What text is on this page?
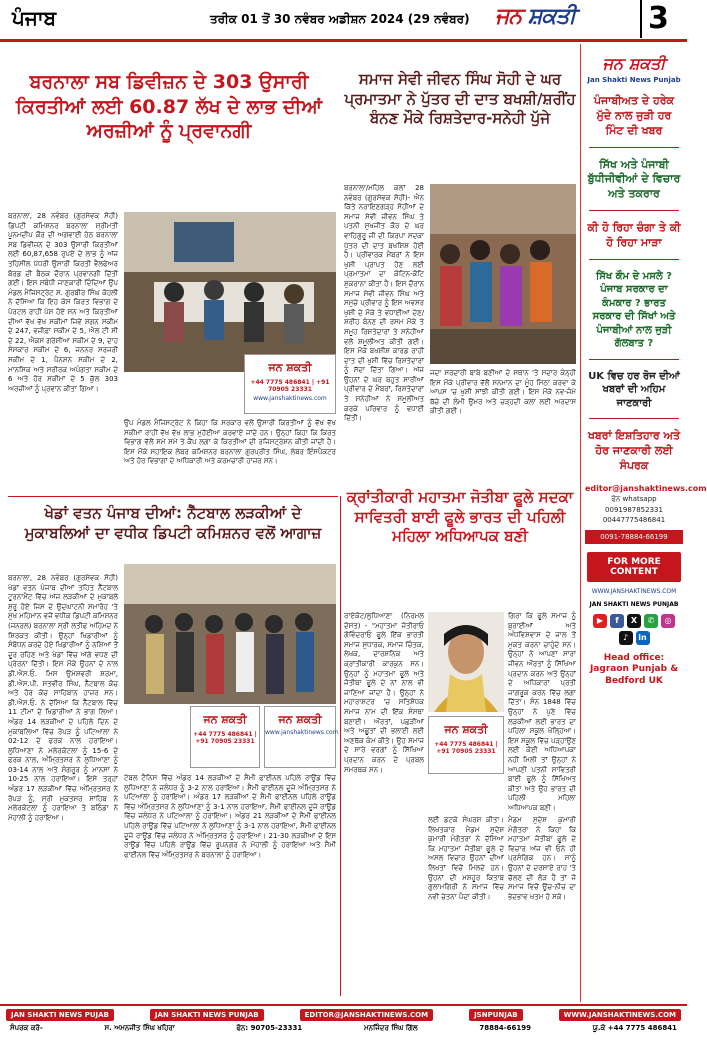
ਪੰਜਾਬ	ਤਰੀਕ 01 ਤੋਂ 30 ਨਵੰਬਰ ਅਡੀਸ਼ਨ 2024 (29 ਨਵੰਬਰ) ਜਨ ਸ਼ਕਤੀ 3
ਬਰਨਾਲਾ ਸਬ ਡਿਵੀਜ਼ਨ ਦੇ 303 ਉਸਾਰੀ ਕਿਰਤੀਆਂ ਲਈ 60.87 ਲੱਖ ਦੇ ਲਾਭ ਦੀਆਂ ਅਰਜ਼ੀਆਂ ਨੂੰ ਪ੍ਰਵਾਨਗੀ
ਬਰਨਾਲਾ, 28 ਨਵੰਬਰ (ਗੁਰਸੇਵਕ ਸੋਹੀ) ਡਿਪਟੀ ਕਮਿਸ਼ਨਰ ਬਰਨਾਲਾ ਸ਼੍ਰੀਮਤੀ ਪੂਨਮਦੀਪ ਕੌਰ ਦੀ ਅਗਵਾਈ ਹੇਠ ਬਰਨਾਲਾ ਸਬ ਡਿਵੀਜ਼ਨ ਦੇ 303 ਉਸਾਰੀ ਕਿਰਤੀਆਂ ਲਈ 60,87,658 ਰੁਪਏ ਦੇ ਲਾਭ ਨੂੰ ਅੱਜ ਤਹਿਸੀਲ ਪੱਧਰੀ ਉਸਾਰੀ ਕਿਰਤੀ ਵੈਲਫੇਅਰ ਬੋਰਡ ਦੀ ਬੈਠਕ ਦੌਰਾਨ ਪ੍ਰਵਾਨਗੀ ਦਿੱਤੀ ਗਈ। ਇਸ ਸਬੰਧੀ ਜਾਣਕਾਰੀ ਦਿੰਦਿਆਂ ਉਪ ਮੰਡਲ ਮੈਜਿਸਟ੍ਰੇਟ ਸ. ਗੁਰਬੀਰ ਸਿੰਘ ਕੋਹਲੀ ਨੇ ਦੱਸਿਆ ਕਿ ਇਹ ਕੇਸ ਕਿਰਤ ਵਿਭਾਗ ਦੇ ਪੋਰਟਲ ਰਾਹੀਂ ਪੇਸ਼ ਹੋਏ ਸਨ ਅਤੇ ਕਿਰਤੀਆਂ ਦੀਆਂ ਵੱਖ ਵੱਖ ਸਕੀਮਾਂ ਜਿਵੇਂ ਸ਼ਗਨ ਸਕੀਮ ਦੇ 247, ਵਜ਼ੀਫ਼ਾ ਸਕੀਮ ਦੇ 5, ਐਲ ਟੀ ਸੀ ਦੇ 22, ਐਕਸ ਗਰੇਸ਼ੀਆ ਸਕੀਮ ਦੇ 9, ਦਾਹ ਸੰਸਕਾਰ ਸਕੀਮ ਦੇ 6, ਜਨਨਰ ਸਰਜਰੀ ਸਕੀਮ ਦੇ 1, ਪੈਨਸ਼ਨ ਸਕੀਮ ਦੇ 2, ਮਾਨਸਿਕ ਅਤੇ ਸਰੀਰਕ ਅਪੰਗਤਾ ਸਕੀਮ ਦੇ 6 ਅਤੇ ਹੋਰ ਸਕੀਮਾਂ ਦੇ 5 ਕੁੱਲ 303 ਅਰਜ਼ੀਆਂ ਨੂੰ ਪ੍ਰਵਾਨ ਕੀਤਾ ਗਿਆ।
ਜਨ ਸ਼ਕਤੀ
+44 7775 486841 | +91 70905 23331
www.janshaktinews.com
ਉਪ ਮੰਡਲ ਮੈਜਿਸਟ੍ਰੇਟ ਨੇ ਕਿਹਾ ਕਿ ਸਰਕਾਰ ਵਲੋਂ ਉਸਾਰੀ ਕਿਰਤੀਆਂ ਨੂੰ ਵੱਖ ਵੱਖ ਸਕੀਮਾਂ ਰਾਹੀਂ ਵੱਖ ਵੱਖ ਲਾਭ ਮੁਹੱਈਆ ਕਰਵਾਏ ਜਾਂਦੇ ਹਨ। ਉਨ੍ਹਾਂ ਕਿਹਾ ਕਿ ਕਿਰਤ ਵਿਭਾਗ ਵੱਲੋਂ ਸਮੇਂ ਸਮੇਂ ਤੇ ਕੈਂਪ ਲਗਾ ਕੇ ਕਿਰਤੀਆਂ ਦੀ ਰਜਿਸਟ੍ਰੇਸ਼ਨ ਕੀਤੀ ਜਾਂਦੀ ਹੈ। ਇਸ ਮੌਕੇ ਸਹਾਇਕ ਲੇਬਰ ਕਮਿਸ਼ਨਰ ਬਰਨਾਲਾ ਗੁਰਪ੍ਰੀਤ ਸਿੰਘ, ਲੇਬਰ ਇੰਸਪੈਕਟਰ ਅਤੇ ਹੋਰ ਵਿਭਾਗਾਂ ਦੇ ਅਧਿਕਾਰੀ ਅਤੇ ਕਰਮਚਾਰੀ ਹਾਜ਼ਰ ਸਨ।
ਸਮਾਜ ਸੇਵੀ ਜੀਵਨ ਸਿੰਘ ਸੋਹੀ ਦੇ ਘਰ ਪ੍ਰਮਾਤਮਾ ਨੇ ਪੁੱਤਰ ਦੀ ਦਾਤ ਬਖਸ਼ੀ/ਸ਼ਰੀਂਹ ਬੰਨਣ ਮੌਕੇ ਰਿਸ਼ਤੇਦਾਰ-ਸਨੇਹੀ ਪੁੱਜੇ
ਬਰਨਾਲਾ/ਮਹਿਲ ਕਲਾਂ 28 ਨਵੰਬਰ (ਗੁਰਸੇਵਕ ਸੋਹੀ)- ਐਨ ਕਿੱਤੇ ਨਰਾਇਣਗੜ੍ਹ ਸੋਹੀਆਂ ਦੇ ਸਮਾਜ ਸੇਵੀ ਜੀਵਨ ਸਿੰਘ ਤੇ ਪਤਨੀ ਸੁਖਜੀਤ ਕੌਰ ਦੇ ਘਰ ਵਾਹਿਗੁਰੂ ਜੀ ਦੀ ਕਿਰਪਾ ਸਦਕਾ ਪੁੱਤਰ ਦੀ ਦਾਤ ਬਖਸ਼ਿਸ਼ ਹੋਈ ਹੈ। ਪ੍ਰੀਵਾਰਕ ਮੈਂਬਰਾਂ ਨੇ ਇਸ ਖੁਸ਼ੀ ਪ੍ਰਾਪਤ ਹੋਣ ਲਈ ਪ੍ਰਮਾਤਮਾ ਦਾ ਕੋਟਿਨ-ਕੋਟਿ ਸ਼ੁਕਰਾਨਾ ਕੀਤਾ ਹੈ। ਇਸ ਦੌਰਾਨ ਸਮਾਜ ਸੇਵੀ ਜੀਵਨ ਸਿੰਘ ਅਤੇ ਸਮੁੱਚੇ ਪ੍ਰੀਵਾਰ ਨੂੰ ਇਸ ਅਵਸਰ ਖੁਸ਼ੀ ਦੇ ਮੌਕੇ ਤੇ ਵਧਾਈਆਂ ਦੇਣ/ਸ਼ਰੀਂਹ ਬੰਨਣ ਦੀ ਰਸਮ ਮੌਕੇ ਤੇ ਸਮੂਹ ਰਿਸ਼ਤੇਦਾਰਾਂ ਤੇ ਸਨੇਹੀਆਂ ਵਲੋਂ ਸ਼ਮੂਲੀਅਤ ਕੀਤੀ ਗਈ। ਇਸ ਮੌਕੇ ਬਖਸ਼ੀਸ਼ ਕਾਰਡ ਰਾਹੀਂ ਦਾਤ ਦੀ ਖੁਸ਼ੀ ਵਿੱਚ ਰਿਸ਼ਤੇਦਾਰਾਂ ਨੂੰ ਸੱਦਾ ਦਿੱਤਾ ਗਿਆ। ਅੱਜ ਉਹਨਾਂ ਦੇ ਘਰ ਬਹੁਤ ਸਾਰੀਆਂ ਪ੍ਰੀਵਾਰ ਦੇ ਮੈਂਬਰਾਂ, ਰਿਸ਼ਤੇਦਾਰਾਂ ਤੇ ਸਨੇਹੀਆਂ ਨੇ ਸਮੂਲੀਅਤ ਕਰਕੇ ਪਰਿਵਾਰ ਨੂੰ ਵਧਾਈ ਦਿੱਤੀ।
ਜਦਾ ਸਰਦਾਰੀ ਬਾਬੇ ਬਣੀਆਂ ਦੇ ਸਥਾਨ 'ਤੇ ਸਦਾਰ ਕੰਨ੍ਹੀ ਇਸ ਮੌਕੇ ਪ੍ਰੀਵਾਰ ਵੱਲੋਂ ਸਨਮਾਨ ਦਾ ਮੂੰਹ ਮਿੱਠਾ ਕਰਵਾ ਕੇ ਆਪਸ 'ਚ ਖੁਸ਼ੀ ਸਾਂਝੀ ਕੀਤੀ ਗਈ। ਇਸ ਮੌਕੇ ਨਵ-ਜੰਮੇ ਬੱਚੇ ਦੀ ਲੰਮੀ ਉਮਰ ਅਤੇ ਚੜ੍ਹਦੀ ਕਲਾ ਲਈ ਅਰਦਾਸ ਕੀਤੀ ਗਈ।
ਖੇਡਾਂ ਵਤਨ ਪੰਜਾਬ ਦੀਆਂ: ਨੈੱਟਬਾਲ ਲੜਕੀਆਂ ਦੇ ਮੁਕਾਬਲਿਆਂ ਦਾ ਵਧੀਕ ਡਿਪਟੀ ਕਮਿਸ਼ਨਰ ਵਲੋਂ ਆਗਾਜ਼
ਬਰਨਾਲਾ, 28 ਨਵੰਬਰ (ਗੁਰਸੇਵਕ ਸੋਹੀ) ਖੇਡਾਂ ਵਤਨ ਪੰਜਾਬ ਦੀਆਂ ਤਹਿਤ ਨੈੱਟਬਾਲ ਟੂਰਨਾਮੈਂਟ ਵਿੱਚ ਅੱਜ ਲੜਕੀਆਂ ਦੇ ਮੁਕਾਬਲੇ ਸ਼ੁਰੂ ਹੋਏ ਜਿਸ ਦੇ ਉਦਘਾਟਨੀ ਸਮਾਰੋਹ 'ਤੇ ਮੁੱਖ ਮਹਿਮਾਨ ਵਜੋਂ ਵਧੀਕ ਡਿਪਟੀ ਕਮਿਸ਼ਨਰ (ਜਨਰਲ) ਬਰਨਾਲਾ ਸ੍ਰੀ ਲਤੀਫ ਅਹਿਮਦ ਨੇ ਸ਼ਿਰਕਤ ਕੀਤੀ। ਉਨ੍ਹਾਂ ਖਿਡਾਰੀਆਂ ਨੂੰ ਸੰਬੋਧਨ ਕਰਦੇ ਹੋਏ ਖਿਡਾਰੀਆਂ ਨੂੰ ਨਸ਼ਿਆਂ ਤੋਂ ਦੂਰ ਰਹਿਣ ਅਤੇ ਖੇਡਾਂ ਵਿੱਚ ਅੱਗੇ ਵਧਣ ਦੀ ਪ੍ਰੇਰਨਾ ਦਿੱਤੀ। ਇਸ ਮੌਕੇ ਉਹਨਾਂ ਦੇ ਨਾਲ ਡੀ.ਐਸ.ਓ. ਮਿਸ ਉਮੇਸ਼ਵਰੀ ਸ਼ਰਮਾ, ਡੀ.ਐਸ.ਪੀ. ਸਤਵੀਰ ਸਿੰਘ, ਨੈੱਟਬਾਲ ਕੋਚ ਅਤੇ ਹੋਰ ਕੋਚ ਸਾਹਿਬਾਨ ਹਾਜ਼ਰ ਸਨ। ਡੀ.ਐਸ.ਓ. ਨੇ ਦੱਸਿਆ ਕਿ ਨੈੱਟਬਾਲ ਵਿੱਚ 11 ਟੀਮਾਂ ਦੇ ਖਿਡਾਰੀਆਂ ਨੇ ਭਾਗ ਲਿਆ। ਅੰਡਰ 14 ਲੜਕੀਆਂ ਦੇ ਪਹਿਲੇ ਦਿਨ ਦੇ ਮੁਕਾਬਲਿਆਂ ਵਿੱਚ ਰੋਪੜ ਨੂੰ ਪਟਿਆਲਾ ਨੇ 02-12 ਦੇ ਫਰਕ ਨਾਲ ਹਰਾਇਆ। ਲੁਧਿਆਣਾ ਨੇ ਮਲੇਰਕੋਟਲਾ ਨੂੰ 15-6 ਦੇ ਫਰਕ ਨਾਲ, ਅੰਮ੍ਰਿਤਸਰ ਨੇ ਲੁਧਿਆਣਾ ਨੂੰ 03-14 ਨਾਲ ਅਤੇ ਸੰਗਰੂਰ ਨੂੰ ਮਾਨਸਾ ਨੇ 10-25 ਨਾਲ ਹਰਾਇਆ। ਇਸੇ ਤਰ੍ਹਾਂ ਅੰਡਰ 17 ਲੜਕੀਆਂ ਵਿੱਚ ਅੰਮ੍ਰਿਤਸਰ ਨੇ ਰੋਪੜ ਨੂੰ, ਸ੍ਰੀ ਮੁਕਤਸਰ ਸਾਹਿਬ ਨੇ ਮਲੇਰਕੋਟਲਾ ਨੂੰ ਹਰਾਇਆ ਤੇ ਬਠਿੰਡਾ ਨੇ ਮੋਹਾਲੀ ਨੂੰ ਹਰਾਇਆ।
ਜਨ ਸ਼ਕਤੀ
+44 7775 486841 | +91 70905 23331
ਜਨ ਸ਼ਕਤੀ
www.janshaktinews.com
ਟੇਬਲ ਟੈਨਿਸ ਵਿੱਚ ਅੰਡਰ 14 ਲੜਕੀਆਂ ਦੇ ਸੈਮੀ ਫਾਈਨਲ ਪਹਿਲੇ ਰਾਊਂਡ ਵਿੱਚ ਲੁਧਿਆਣਾ ਨੇ ਜਲੰਧਰ ਨੂੰ 3-2 ਨਾਲ ਹਰਾਇਆ। ਸੈਮੀ ਫਾਈਨਲ ਦੂਜੇ ਅੰਮ੍ਰਿਤਸਰ ਨੇ ਪਟਿਆਲਾ ਨੂੰ ਹਰਾਇਆ। ਅੰਡਰ 17 ਲੜਕੀਆਂ ਦੇ ਸੈਮੀ ਫਾਈਨਲ ਪਹਿਲੇ ਰਾਊਂਡ ਵਿੱਚ ਅੰਮ੍ਰਿਤਸਰ ਨੇ ਲੁਧਿਆਣਾ ਨੂੰ 3-1 ਨਾਲ ਹਰਾਇਆ, ਸੈਮੀ ਫਾਈਨਲ ਦੂਜੇ ਰਾਊਂਡ ਵਿੱਚ ਜਲੰਧਰ ਨੇ ਪਟਿਆਲਾ ਨੂੰ ਹਰਾਇਆ। ਅੰਡਰ 21 ਲੜਕੀਆਂ ਦੇ ਸੈਮੀ ਫਾਈਨਲ ਪਹਿਲੇ ਰਾਊਂਡ ਵਿੱਚ ਪਟਿਆਲਾ ਨੇ ਲੁਧਿਆਣਾ ਨੂੰ 3-1 ਨਾਲ ਹਰਾਇਆ, ਸੈਮੀ ਫਾਈਨਲ ਦੂਜੇ ਰਾਊਂਡ ਵਿੱਚ ਜਲੰਧਰ ਨੇ ਅੰਮ੍ਰਿਤਸਰ ਨੂੰ ਹਰਾਇਆ। 21-30 ਲੜਕੀਆਂ ਦੇ ਇਸ ਰਾਊਂਡ ਵਿੱਚ ਪਹਿਲੇ ਰਾਊਂਡ ਵਿੱਚ ਰੂਪਨਗਰ ਨੇ ਮੋਹਾਲੀ ਨੂੰ ਹਰਾਇਆ ਅਤੇ ਸੈਮੀ ਫਾਈਨਲ ਵਿੱਚ ਅੰਮ੍ਰਿਤਸਰ ਨੇ ਬਰਨਾਲਾ ਨੂੰ ਹਰਾਇਆ।
ਕ੍ਰਾਂਤੀਕਾਰੀ ਮਹਾਤਮਾ ਜੋਤੀਬਾ ਫੂਲੇ ਸਦਕਾ ਸਾਵਿਤਰੀ ਬਾਈ ਫੂਲੇ ਭਾਰਤ ਦੀ ਪਹਿਲੀ ਮਹਿਲਾ ਅਧਿਆਪਕ ਬਣੀ
ਰਾਏਕੋਟ/ਲੁਧਿਆਣਾ (ਨਿਰਮਲ ਦੋਸਤ) - "ਮਹਾਤਮਾ ਜੋਤੀਰਾਓ ਗੋਵਿੰਦਰਾਓ ਫੂਲੇ ਇੱਕ ਭਾਰਤੀ ਸਮਾਜ ਸੁਧਾਰਕ, ਸਮਾਜ ਚਿੰਤਕ, ਲੇਖਕ, ਦਾਰਸ਼ਨਿਕ ਅਤੇ ਕ੍ਰਾਂਤੀਕਾਰੀ ਕਾਰਕੁਨ ਸਨ। ਉਨ੍ਹਾਂ ਨੂੰ ਮਹਾਤਮਾ ਫੂਲੇ ਅਤੇ ਜੋਤੀਬਾ ਫੂਲੇ ਦੇ ਨਾਂ ਨਾਲ ਵੀ ਜਾਣਿਆ ਜਾਂਦਾ ਹੈ। ਉਨ੍ਹਾਂ ਨੇ ਮਹਾਰਾਸ਼ਟਰ 'ਚ ਸਤਿਸ਼ੋਧਕ ਸਮਾਜ ਨਾਮ ਦੀ ਇੱਕ ਸੰਸਥਾ ਬਣਾਈ। ਔਰਤਾਂ, ਪਛੜੀਆਂ ਅਤੇ ਅਛੂਤਾਂ ਦੀ ਭਲਾਈ ਲਈ ਅਣਥੱਕ ਕੰਮ ਕੀਤੇ। ਉਹ ਸਮਾਜ ਦੇ ਸਾਰੇ ਵਰਗਾਂ ਨੂੰ ਸਿੱਖਿਆ ਪ੍ਰਦਾਨ ਕਰਨ ਦੇ ਪ੍ਰਬਲ ਸਮਰਥਕ ਸਨ।
ਜਨ ਸ਼ਕਤੀ
+44 7775 486841 | +91 70905 23331
ਗਿਰਾ ਕਿ ਫੂਲੇ ਸਮਾਜ ਨੂੰ ਬੁਰਾਈਆਂ ਅਤੇ ਅੰਧਵਿਸ਼ਵਾਸ ਦੇ ਜਾਲ ਤੋਂ ਮੁਕਤ ਕਰਨਾ ਚਾਹੁੰਦੇ ਸਨ। ਉਨ੍ਹਾਂ ਨੇ ਆਪਣਾ ਸਾਰਾ ਜੀਵਨ ਔਰਤਾਂ ਨੂੰ ਸਿੱਖਿਆ ਪ੍ਰਦਾਨ ਕਰਨ ਅਤੇ ਉਨ੍ਹਾਂ ਦੇ ਅਧਿਕਾਰਾਂ ਪ੍ਰਤੀ ਜਾਗਰੂਕ ਕਰਨ ਵਿੱਚ ਲਗਾ ਦਿੱਤਾ। ਸੰਨ 1848 ਵਿੱਚ ਉਨ੍ਹਾਂ ਨੇ ਪੁਣੇ ਵਿੱਚ ਲੜਕੀਆਂ ਲਈ ਭਾਰਤ ਦਾ ਪਹਿਲਾ ਸਕੂਲ ਖੋਲ੍ਹਿਆ। ਇਸ ਸਕੂਲ ਵਿੱਚ ਪੜ੍ਹਾਉਣ ਲਈ ਕੋਈ ਅਧਿਆਪਕਾ ਨਹੀਂ ਮਿਲੀ ਤਾਂ ਉਨ੍ਹਾਂ ਨੇ ਆਪਣੀ ਪਤਨੀ ਸਾਵਿਤਰੀ ਬਾਈ ਫੂਲੇ ਨੂੰ ਸਿੱਖਿਅਤ ਕੀਤਾ ਅਤੇ ਉਹ ਭਾਰਤ ਦੀ ਪਹਿਲੀ ਮਹਿਲਾ ਅਧਿਆਪਕ ਬਣੀ।
ਲਈ ਡਟਕੇ ਸੰਘਰਸ਼ ਕੀਤਾ। ਲਿਖਤਕਾਰ ਮੈਡਮ ਸੁਦੇਸ਼ ਕੁਮਾਰੀ ਮੰਗੋਤਰਾ ਨੇ ਦੱਸਿਆ ਕਿ ਮਹਾਤਮਾ ਜੋਤੀਬਾ ਫੂਲੇ ਦੇ ਅਸਲ ਵਿਚਾਰ ਉਹਨਾਂ ਦੀਆਂ ਲਿਖਤਾਂ ਵਿਚੋਂ ਮਿਲਦੇ ਹਨ। ਉਹਨਾਂ ਦੀ ਮਸ਼ਹੂਰ ਕਿਤਾਬ ਗੁਲਾਮਗਿਰੀ ਨੇ ਸਮਾਜ ਵਿੱਚ ਨਵੀਂ ਚੇਤਨਾ ਪੈਦਾ ਕੀਤੀ।
ਮੈਡਮ ਸੁਦੇਸ਼ ਕੁਮਾਰੀ ਮੰਗੋਤਰਾ ਨੇ ਕਿਹਾ ਕਿ ਮਹਾਤਮਾ ਜੋਤੀਬਾ ਫੂਲੇ ਦੇ ਵਿਚਾਰ ਅੱਜ ਵੀ ਓਨੇ ਹੀ ਪ੍ਰਸੰਗਿਕ ਹਨ। ਸਾਨੂੰ ਉਹਨਾਂ ਦੇ ਦਰਸਾਏ ਰਾਹ 'ਤੇ ਚੱਲਣ ਦੀ ਲੋੜ ਹੈ ਤਾਂ ਜੋ ਸਮਾਜ ਵਿਚੋਂ ਊਚ-ਨੀਚ ਦਾ ਭੇਦਭਾਵ ਖਤਮ ਹੋ ਸਕੇ।
ਜਨ ਸ਼ਕਤੀ
Jan Shakti News Punjab
ਪੰਜਾਬੀਅਤ ਦੇ ਹਰੇਕ ਮੁੱਦੇ ਨਾਲ ਜੁੜੀ ਹਰ ਮਿੰਟ ਦੀ ਖਬਰ
ਸਿੱਖ ਅਤੇ ਪੰਜਾਬੀ ਬੁੱਧੀਜੀਵੀਆਂ ਦੇ ਵਿਚਾਰ ਅਤੇ ਤਕਰਾਰ
ਕੀ ਹੋ ਰਿਹਾ ਚੰਗਾ ਤੇ ਕੀ ਹੋ ਰਿਹਾ ਮਾੜਾ
ਸਿੱਖ ਕੌਮ ਦੇ ਮਸਲੇ ? ਪੰਜਾਬ ਸਰਕਾਰ ਦਾ ਕੰਮਕਾਰ ? ਭਾਰਤ ਸਰਕਾਰ ਦੀ ਸਿੱਖਾਂ ਅਤੇ ਪੰਜਾਬੀਆਂ ਨਾਲ ਜੁੜੀ ਗੱਲਬਾਤ ?
UK ਵਿਚ ਹਰ ਰੋਜ ਦੀਆਂ ਖਬਰਾਂ ਦੀ ਅਹਿਮ ਜਾਣਕਾਰੀ
ਖਬਰਾਂ ਇਸ਼ਤਿਹਾਰ ਅਤੇ ਹੋਰ ਜਾਣਕਾਰੀ ਲਈ ਸੰਪਰਕ
editor@janshaktinews.com
ਫੋਨ whatsapp
0091987852331
00447775486841
0091-78884-66199
FOR MORE CONTENT
WWW.JANSHAKTINEWS.COM
JAN SHAKTI NEWS PUNJAB
▶	f	X	✆	◎
♪	in
Head office: Jagraon Punjab & Bedford UK
JAN SHAKTI NEWS PUJAB	JAN SHAKTI NEWS PUNJAB	EDITOR@JANSHAKTINEWS.COM	JSNPUNJAB	WWW.JANSHAKTINEWS.COM
ਸੰਪਰਕ ਕਰੋ-	ਸ. ਅਮਨਜੀਤ ਸਿੰਘ ਖਹਿਰਾ	ਫੋਨ: 90705-23331	ਮਨਜਿੰਦਰ ਸਿੰਘ ਗਿੱਲ	78884-66199	ਯੂ.ਕੇ +44 7775 486841
